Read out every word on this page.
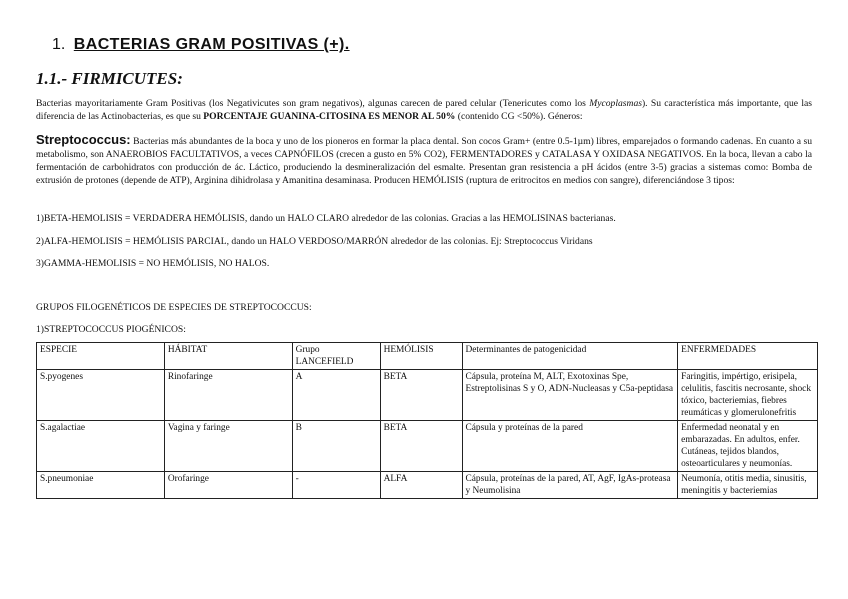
1. BACTERIAS GRAM POSITIVAS (+).
1.1.- FIRMICUTES:
Bacterias mayoritariamente Gram Positivas (los Negativicutes son gram negativos), algunas carecen de pared celular (Tenericutes como los Mycoplasmas). Su característica más importante, que las diferencia de las Actinobacterias, es que su PORCENTAJE GUANINA-CITOSINA ES MENOR AL 50% (contenido CG <50%). Géneros:
Streptococcus: Bacterias más abundantes de la boca y uno de los pioneros en formar la placa dental. Son cocos Gram+ (entre 0.5-1µm) libres, emparejados o formando cadenas. En cuanto a su metabolismo, son ANAEROBIOS FACULTATIVOS, a veces CAPNÓFILOS (crecen a gusto en 5% CO2), FERMENTADORES y CATALASA Y OXIDASA NEGATIVOS. En la boca, llevan a cabo la fermentación de carbohidratos con producción de ác. Láctico, produciendo la desmineralización del esmalte. Presentan gran resistencia a pH ácidos (entre 3-5) gracias a sistemas como: Bomba de extrusión de protones (depende de ATP), Arginina dihidrolasa y Amanitina desaminasa. Producen HEMÓLISIS (ruptura de eritrocitos en medios con sangre), diferenciándose 3 tipos:
1)BETA-HEMOLISIS = VERDADERA HEMÓLISIS, dando un HALO CLARO alrededor de las colonias. Gracias a las HEMOLISINAS bacterianas.
2)ALFA-HEMOLISIS = HEMÓLISIS PARCIAL, dando un HALO VERDOSO/MARRÓN alrededor de las colonias. Ej: Streptococcus Viridans
3)GAMMA-HEMOLISIS = NO HEMÓLISIS, NO HALOS.
GRUPOS FILOGENÉTICOS DE ESPECIES DE STREPTOCOCCUS:
1)STREPTOCOCCUS PIOGÉNICOS:
ESPECIE	HÁBITAT	Grupo LANCEFIELD	HEMÓLISIS	Determinantes de patogenicidad	ENFERMEDADES
S.pyogenes	Rinofaringe	A	BETA	Cápsula, proteína M, ALT, Exotoxinas Spe, Estreptolisinas S y O, ADN-Nucleasas y C5a-peptidasa	Faringitis, impértigo, erisipela, celulitis, fascitis necrosante, shock tóxico, bacteriemias, fiebres reumáticas y glomerulonefritis
S.agalactiae	Vagina y faringe	B	BETA	Cápsula y proteínas de la pared	Enfermedad neonatal y en embarazadas. En adultos, enfer. Cutáneas, tejidos blandos, osteoarticulares y neumonías.
S.pneumoniae	Orofaringe	-	ALFA	Cápsula, proteínas de la pared, AT, AgF, IgAs-proteasa y Neumolisina	Neumonía, otitis media, sinusitis, meningitis y bacteriemias
